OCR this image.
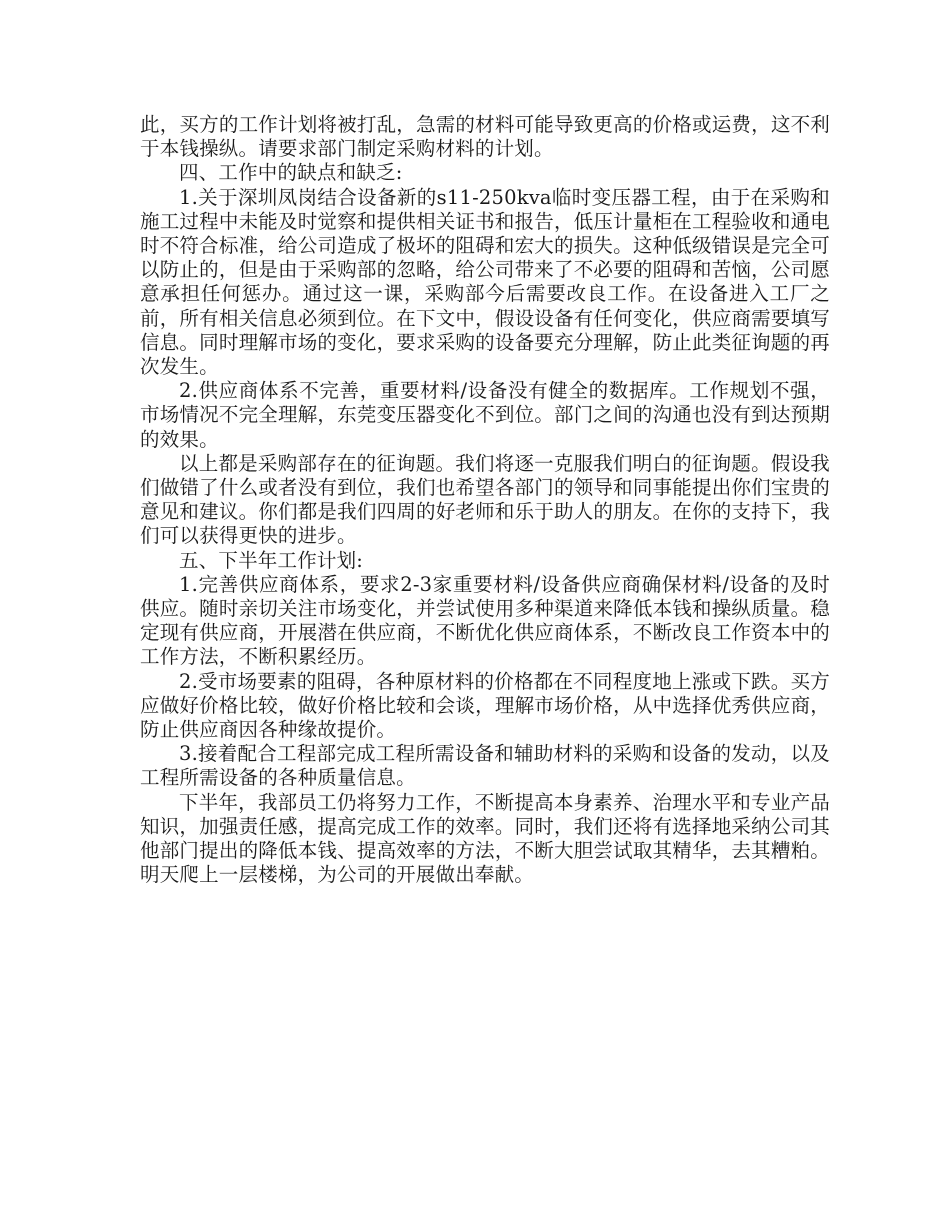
此，买方的工作计划将被打乱，急需的材料可能导致更高的价格或运费，这不利于本钱操纵。请要求部门制定采购材料的计划。

四、工作中的缺点和缺乏:

1.关于深圳凤岗结合设备新的s11-250kva临时变压器工程，由于在采购和施工过程中未能及时觉察和提供相关证书和报告，低压计量柜在工程验收和通电时不符合标准，给公司造成了极坏的阻碍和宏大的损失。这种低级错误是完全可以防止的，但是由于采购部的忽略，给公司带来了不必要的阻碍和苦恼，公司愿意承担任何惩办。通过这一课，采购部今后需要改良工作。在设备进入工厂之前，所有相关信息必须到位。在下文中，假设设备有任何变化，供应商需要填写信息。同时理解市场的变化，要求采购的设备要充分理解，防止此类征询题的再次发生。

2.供应商体系不完善，重要材料/设备没有健全的数据库。工作规划不强，市场情况不完全理解，东莞变压器变化不到位。部门之间的沟通也没有到达预期的效果。

以上都是采购部存在的征询题。我们将逐一克服我们明白的征询题。假设我们做错了什么或者没有到位，我们也希望各部门的领导和同事能提出你们宝贵的意见和建议。你们都是我们四周的好老师和乐于助人的朋友。在你的支持下，我们可以获得更快的进步。

五、下半年工作计划:

1.完善供应商体系，要求2-3家重要材料/设备供应商确保材料/设备的及时供应。随时亲切关注市场变化，并尝试使用多种渠道来降低本钱和操纵质量。稳定现有供应商，开展潜在供应商，不断优化供应商体系，不断改良工作资本中的工作方法，不断积累经历。

2.受市场要素的阻碍，各种原材料的价格都在不同程度地上涨或下跌。买方应做好价格比较，做好价格比较和会谈，理解市场价格，从中选择优秀供应商，防止供应商因各种缘故提价。

3.接着配合工程部完成工程所需设备和辅助材料的采购和设备的发动，以及工程所需设备的各种质量信息。

下半年，我部员工仍将努力工作，不断提高本身素养、治理水平和专业产品知识，加强责任感，提高完成工作的效率。同时，我们还将有选择地采纳公司其他部门提出的降低本钱、提高效率的方法，不断大胆尝试取其精华，去其糟粕。明天爬上一层楼梯，为公司的开展做出奉献。
